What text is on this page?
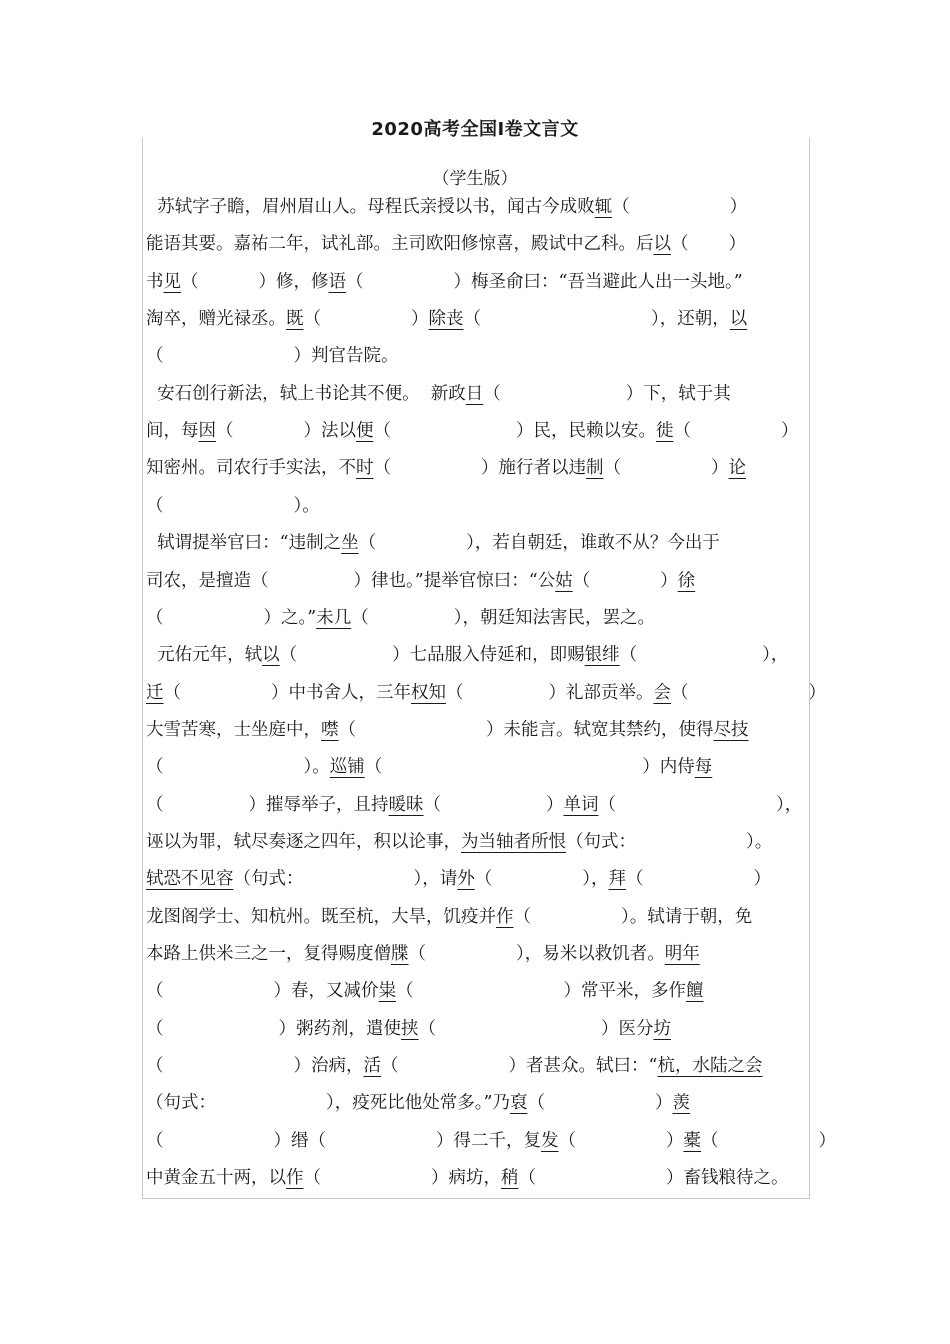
2020高考全国Ⅰ卷文言文
（学生版）
苏轼字子瞻，眉州眉山人。母程氏亲授以书，闻古今成败辄（	）
能语其要。嘉祐二年，试礼部。主司欧阳修惊喜，殿试中乙科。后以（ ）
书见（	）修，修语（	）梅圣俞曰：“吾当避此人出一头地。”
淘卒，赠光禄丞。既（	）除丧（	），还朝，以
（	）判官告院。
安石创行新法，轼上书论其不便。  新政日（	）下，轼于其
间，每因（	）法以便（	）民，民赖以安。徙（	）
知密州。司农行手实法，不时（	）施行者以违制（	）论
（	）。
轼谓提举官曰：“违制之坐（	），若自朝廷，谁敢不从？今出于
司农，是擅造（	）律也。”提举官惊曰：“公姑（	）徐
（	）之。”未几（	），朝廷知法害民，罢之。
元佑元年，轼以（	）七品服入侍延和，即赐银绯（	），
迁（	）中书舍人，三年权知（	）礼部贡举。会（	）
大雪苦寒，士坐庭中，噤（	）未能言。轼宽其禁约，使得尽技
（	）。巡铺（	）内侍每
（	）摧辱举子，且持暖昧（	）单词（	），
诬以为罪，轼尽奏逐之四年，积以论事，为当轴者所恨（句式：	）。
轼恐不见容（句式：	），请外（	），拜（	）
龙图阁学士、知杭州。既至杭，大旱，饥疫并作（	）。轼请于朝，免
本路上供米三之一，复得赐度僧牒（	），易米以救饥者。明年
（	）春，又减价粜（	）常平米，多作饘
（	）粥药剂，遣使挟（	）医分坊
（	）治病，活（	）者甚众。轼曰：“杭，水陆之会
（句式：	），疫死比他处常多。”乃裒（	）羡
（	）缗（	）得二千，复发（	）橐（	）
中黄金五十两，以作（	）病坊，稍（	）畜钱粮待之。
